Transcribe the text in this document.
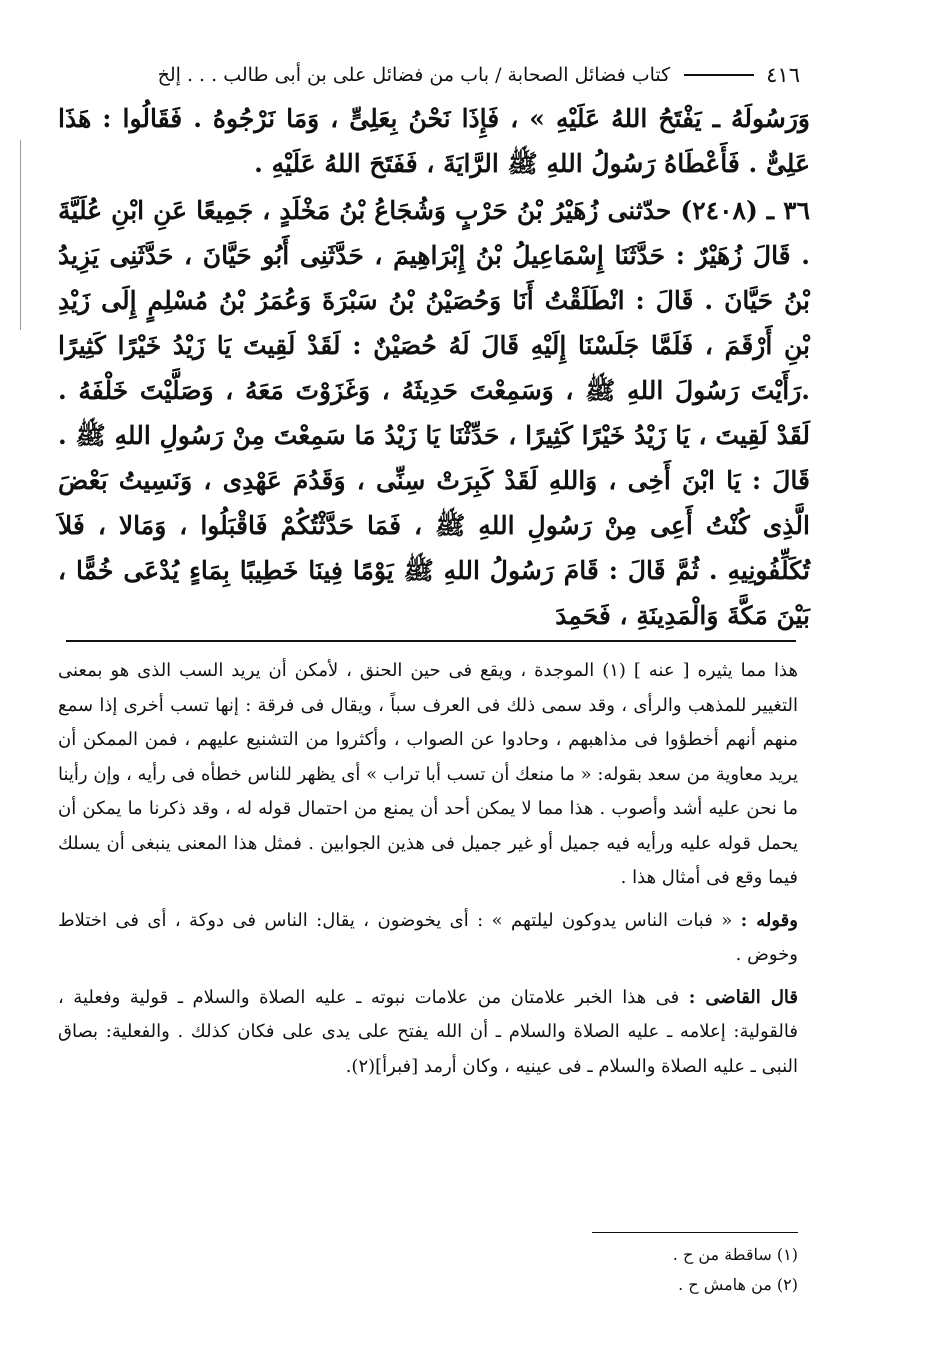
٤١٦
كتاب فضائل الصحابة / باب من فضائل على بن أبى طالب . . . إلخ

وَرَسُولَهُ ـ يَفْتَحُ اللهُ عَلَيْهِ » ، فَإِذَا نَحْنُ بِعَلِىٍّ ، وَمَا نَرْجُوهُ . فَقَالُوا : هَذَا عَلِىٌّ . فَأَعْطَاهُ رَسُولُ اللهِ ﷺ الرَّايَةَ ، فَفَتَحَ اللهُ عَلَيْهِ .

٣٦ ـ (٢٤٠٨) حدّثنى زُهَيْرُ بْنُ حَرْبٍ وَشُجَاعُ بْنُ مَخْلَدٍ ، جَمِيعًا عَنِ ابْنِ عُلَيَّةَ . قَالَ زُهَيْرٌ : حَدَّثَنَا إِسْمَاعِيلُ بْنُ إِبْرَاهِيمَ ، حَدَّثَنِى أَبُو حَيَّانَ ، حَدَّثَنِى يَزِيدُ بْنُ حَيَّانَ . قَالَ : انْطَلَقْتُ أَنَا وَحُصَيْنُ بْنُ سَبْرَةَ وَعُمَرُ بْنُ مُسْلِمٍ إِلَى زَيْدِ بْنِ أَرْقَمَ ، فَلَمَّا جَلَسْنَا إِلَيْهِ قَالَ لَهُ حُصَيْنٌ : لَقَدْ لَقِيتَ يَا زَيْدُ خَيْرًا كَثِيرًا .رَأَيْتَ رَسُولَ اللهِ ﷺ ، وَسَمِعْتَ حَدِيثَهُ ، وَغَزَوْتَ مَعَهُ ، وَصَلَّيْتَ خَلْفَهُ . لَقَدْ لَقِيتَ ، يَا زَيْدُ خَيْرًا كَثِيرًا ، حَدِّثْنَا يَا زَيْدُ مَا سَمِعْتَ مِنْ رَسُولِ اللهِ ﷺ . قَالَ : يَا ابْنَ أَخِى ، وَاللهِ لَقَدْ كَبِرَتْ سِنِّى ، وَقَدُمَ عَهْدِى ، وَنَسِيتُ بَعْضَ الَّذِى كُنْتُ أَعِى مِنْ رَسُولِ اللهِ ﷺ ، فَمَا حَدَّثْتُكُمْ فَاقْبَلُوا ، وَمَالا ، فَلاَ تُكَلِّفُونِيهِ . ثُمَّ قَالَ : قَامَ رَسُولُ اللهِ ﷺ يَوْمًا فِينَا خَطِيبًا بِمَاءٍ يُدْعَى خُمًّا ، بَيْنَ مَكَّةَ وَالْمَدِينَةِ ، فَحَمِدَ

هذا مما يثيره [ عنه ] (١) الموجدة ، ويقع فى حين الحنق ، لأمكن أن يريد السب الذى هو بمعنى التغيير للمذهب والرأى ، وقد سمى ذلك فى العرف سباً ، ويقال فى فرقة : إنها تسب أخرى إذا سمع منهم أنهم أخطؤوا فى مذاهبهم ، وحادوا عن الصواب ، وأكثروا من التشنيع عليهم ، فمن الممكن أن يريد معاوية من سعد بقوله: « ما منعك أن تسب أبا تراب » أى يظهر للناس خطأه فى رأيه ، وإن رأينا ما نحن عليه أشد وأصوب . هذا مما لا يمكن أحد أن يمنع من احتمال قوله له ، وقد ذكرنا ما يمكن أن يحمل قوله عليه ورأيه فيه جميل أو غير جميل فى هذين الجوابين . فمثل هذا المعنى ينبغى أن يسلك فيما وقع فى أمثال هذا .

وقوله : « فبات الناس يدوكون ليلتهم » : أى يخوضون ، يقال: الناس فى دوكة ، أى فى اختلاط وخوض .

قال القاضى : فى هذا الخبر علامتان من علامات نبوته ـ عليه الصلاة والسلام ـ قولية وفعلية ، فالقولية: إعلامه ـ عليه الصلاة والسلام ـ أن الله يفتح على يدى على فكان كذلك . والفعلية: بصاق النبى ـ عليه الصلاة والسلام ـ فى عينيه ، وكان أرمد [فبرأ](٢).

(١) ساقطة من ح .

(٢) من هامش ح .
